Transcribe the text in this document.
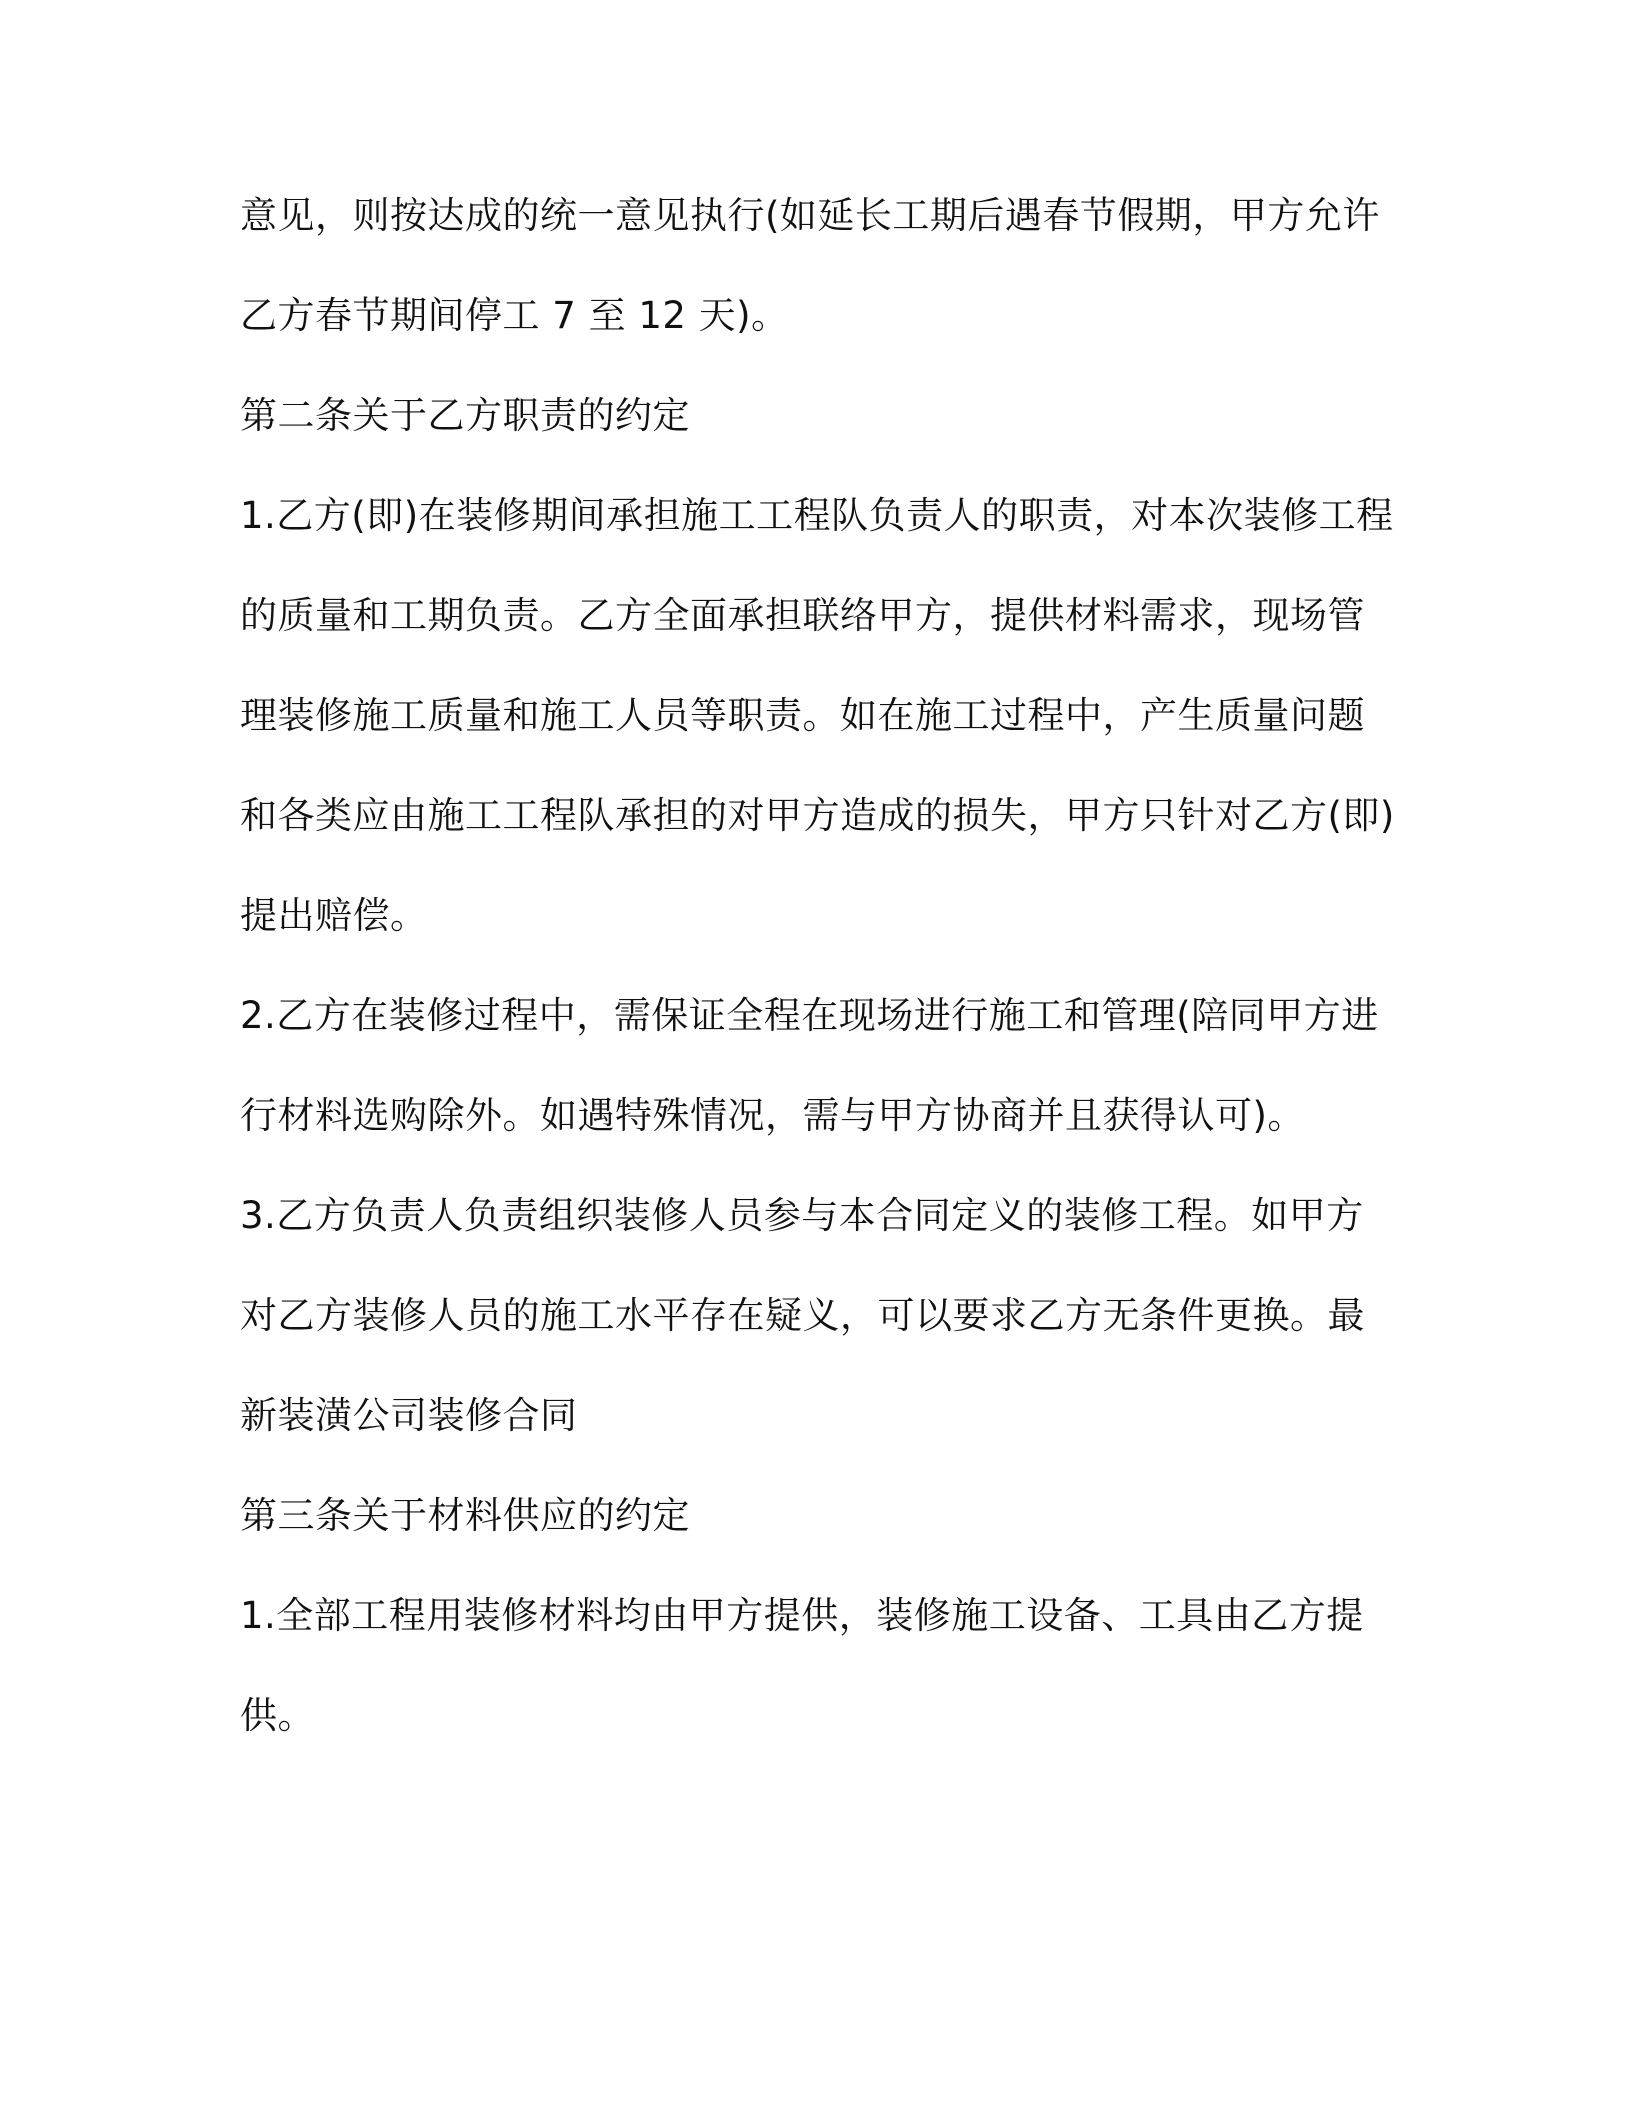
意见，则按达成的统一意见执行(如延长工期后遇春节假期，甲方允许
乙方春节期间停工 7 至 12 天)。
第二条关于乙方职责的约定
1.乙方(即)在装修期间承担施工工程队负责人的职责，对本次装修工程
的质量和工期负责。乙方全面承担联络甲方，提供材料需求，现场管
理装修施工质量和施工人员等职责。如在施工过程中，产生质量问题
和各类应由施工工程队承担的对甲方造成的损失，甲方只针对乙方(即)
提出赔偿。
2.乙方在装修过程中，需保证全程在现场进行施工和管理(陪同甲方进
行材料选购除外。如遇特殊情况，需与甲方协商并且获得认可)。
3.乙方负责人负责组织装修人员参与本合同定义的装修工程。如甲方
对乙方装修人员的施工水平存在疑义，可以要求乙方无条件更换。最
新装潢公司装修合同
第三条关于材料供应的约定
1.全部工程用装修材料均由甲方提供，装修施工设备、工具由乙方提
供。
